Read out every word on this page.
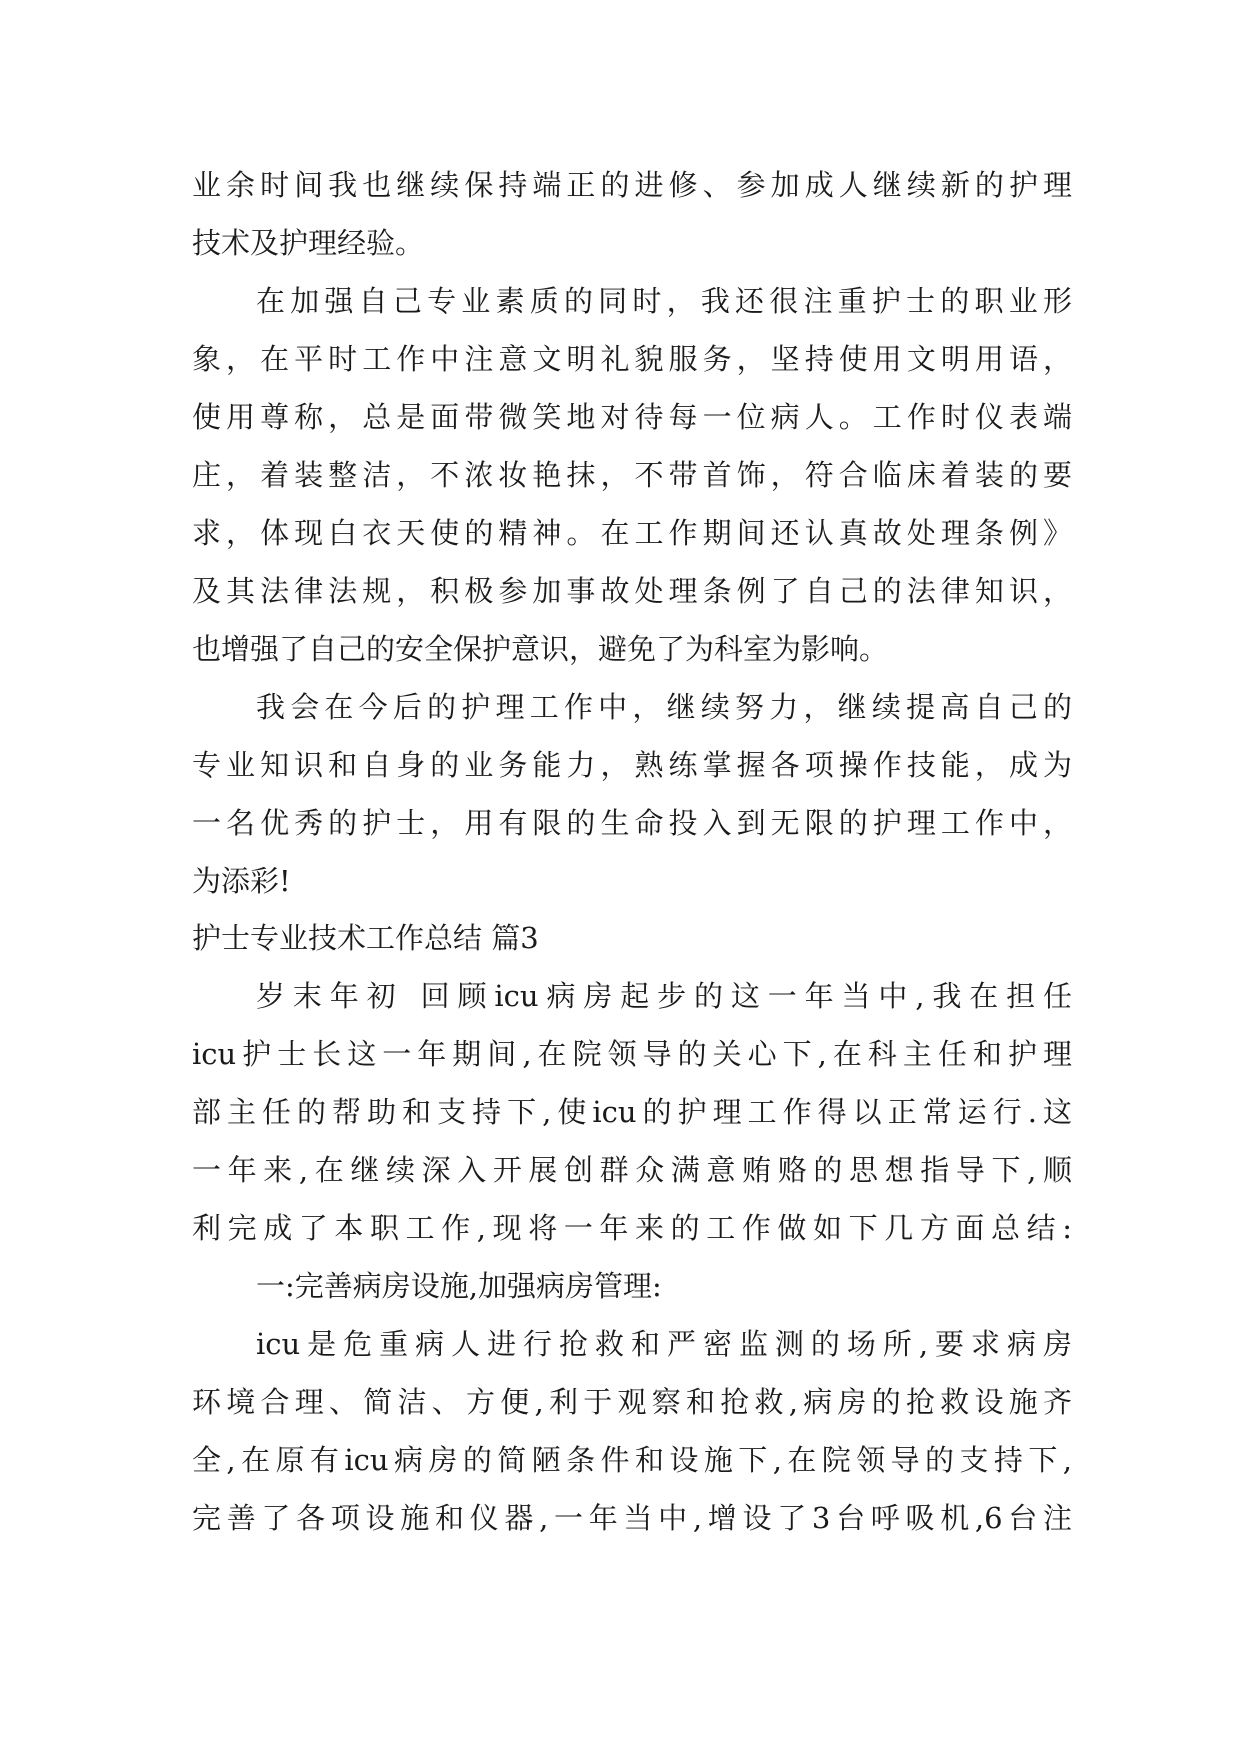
业余时间我也继续保持端正的进修、参加成人继续新的护理
技术及护理经验。
在加强自己专业素质的同时，我还很注重护士的职业形
象，在平时工作中注意文明礼貌服务，坚持使用文明用语，
使用尊称，总是面带微笑地对待每一位病人。工作时仪表端
庄，着装整洁，不浓妆艳抹，不带首饰，符合临床着装的要
求，体现白衣天使的精神。在工作期间还认真故处理条例》
及其法律法规，积极参加事故处理条例了自己的法律知识，
也增强了自己的安全保护意识，避免了为科室为影响。
我会在今后的护理工作中，继续努力，继续提高自己的
专业知识和自身的业务能力，熟练掌握各项操作技能，成为
一名优秀的护士，用有限的生命投入到无限的护理工作中，
为添彩!
护士专业技术工作总结 篇3
岁末年初 回顾icu病房起步的这一年当中,我在担任
icu护士长这一年期间,在院领导的关心下,在科主任和护理
部主任的帮助和支持下,使icu的护理工作得以正常运行.这
一年来,在继续深入开展创群众满意贿赂的思想指导下,顺
利完成了本职工作,现将一年来的工作做如下几方面总结:
一:完善病房设施,加强病房管理:
icu是危重病人进行抢救和严密监测的场所,要求病房
环境合理、简洁、方便,利于观察和抢救,病房的抢救设施齐
全,在原有icu病房的简陋条件和设施下,在院领导的支持下,
完善了各项设施和仪器,一年当中,增设了3台呼吸机,6台注
